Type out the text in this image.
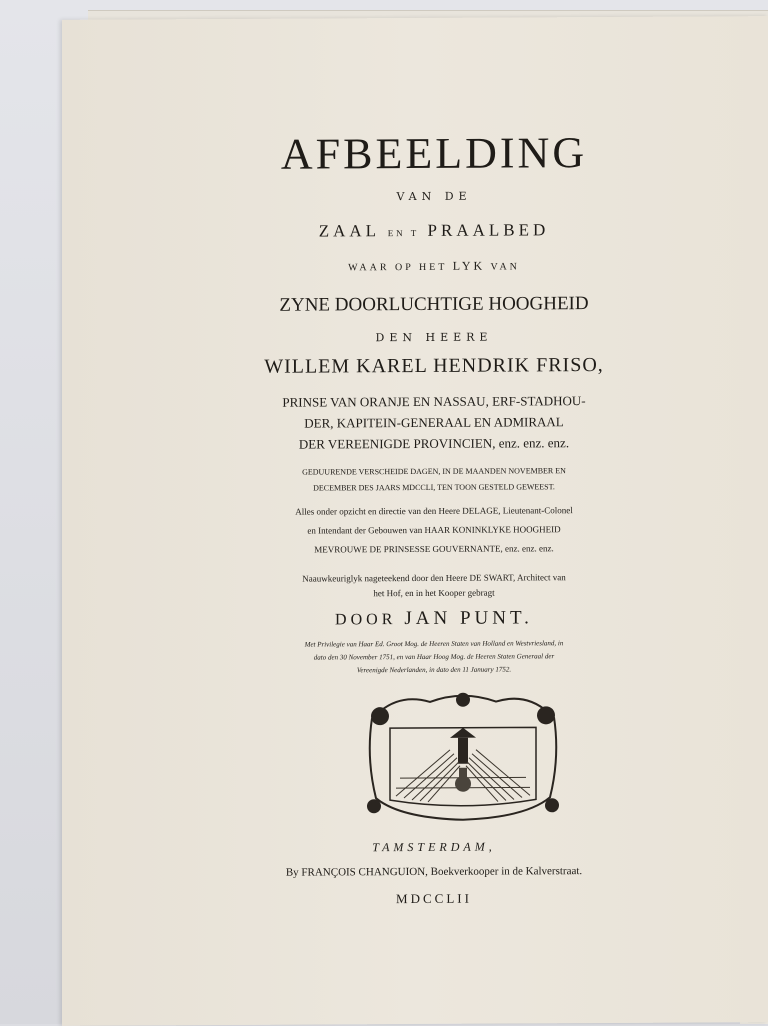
AFBEELDING
VAN DE
ZAAL EN T PRAALBED
WAAR OP HET LYK VAN
ZYNE DOORLUCHTIGE HOOGHEID
DEN HEERE
WILLEM KAREL HENDRIK FRISO,
PRINSE VAN ORANJE EN NASSAU, ERF-STADHOU-
DER, KAPITEIN-GENERAAL EN ADMIRAAL
DER VEREENIGDE PROVINCIEN, enz. enz. enz.
GEDUURENDE VERSCHEIDE DAGEN, IN DE MAANDEN NOVEMBER EN
DECEMBER DES JAARS MDCCLI, TEN TOON GESTELD GEWEEST.
Alles onder opzicht en directie van den Heere DELAGE, Lieutenant-Colonel
en Intendant der Gebouwen van HAAR KONINKLYKE HOOGHEID
MEVROUWE DE PRINSESSE GOUVERNANTE, enz. enz. enz.
Naauwkeuriglyk nageteekend door den Heere DE SWART, Architect van
het Hof, en in het Kooper gebragt
DOOR JAN PUNT.
Met Privilegie van Haar Ed. Groot Mog. de Heeren Staten van Holland en Westvriesland, in
dato den 30 November 1751, en van Haar Hoog Mog. de Heeren Staten Generaal der
Vereenigde Nederlanden, in dato den 11 January 1752.
TAMSTERDAM,
By FRANÇOIS CHANGUION, Boekverkooper in de Kalverstraat.
MDCCLII
